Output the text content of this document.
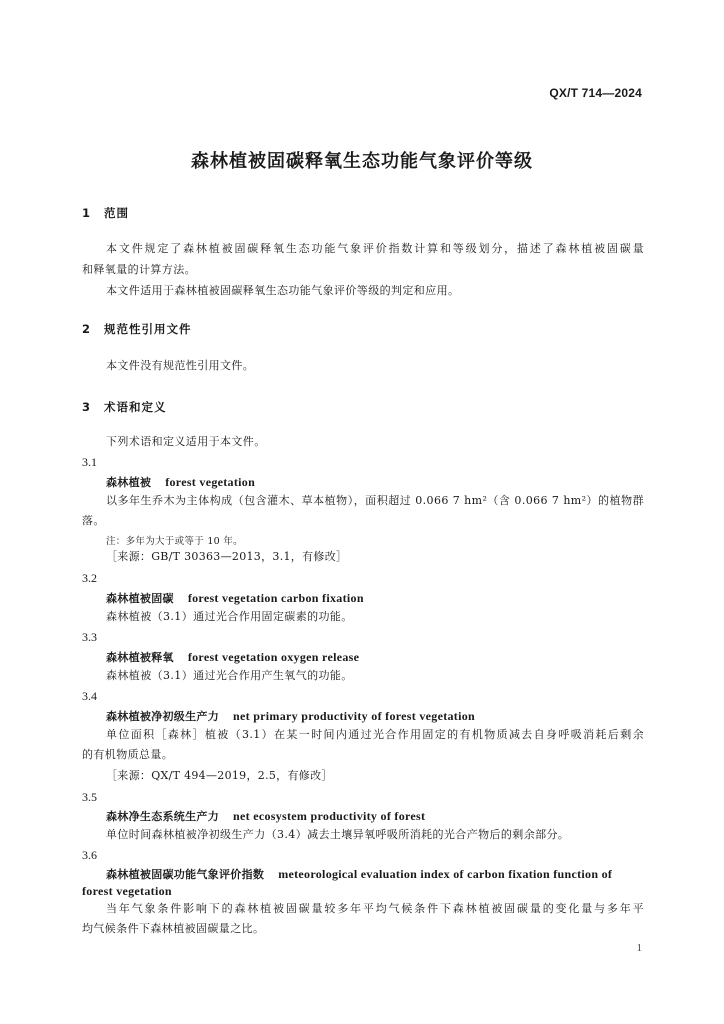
QX/T 714—2024
森林植被固碳释氧生态功能气象评价等级
1 范围
本文件规定了森林植被固碳释氧生态功能气象评价指数计算和等级划分，描述了森林植被固碳量
和释氧量的计算方法。
本文件适用于森林植被固碳释氧生态功能气象评价等级的判定和应用。
2 规范性引用文件
本文件没有规范性引用文件。
3 术语和定义
下列术语和定义适用于本文件。
3.1
森林植被 forest vegetation
以多年生乔木为主体构成（包含灌木、草本植物），面积超过 0.066 7 hm²（含 0.066 7 hm²）的植物群
落。
注：多年为大于或等于 10 年。
［来源：GB/T 30363—2013，3.1，有修改］
3.2
森林植被固碳 forest vegetation carbon fixation
森林植被（3.1）通过光合作用固定碳素的功能。
3.3
森林植被释氧 forest vegetation oxygen release
森林植被（3.1）通过光合作用产生氧气的功能。
3.4
森林植被净初级生产力 net primary productivity of forest vegetation
单位面积［森林］植被（3.1）在某一时间内通过光合作用固定的有机物质减去自身呼吸消耗后剩余
的有机物质总量。
［来源：QX/T 494—2019，2.5，有修改］
3.5
森林净生态系统生产力 net ecosystem productivity of forest
单位时间森林植被净初级生产力（3.4）减去土壤异氧呼吸所消耗的光合产物后的剩余部分。
3.6
森林植被固碳功能气象评价指数 meteorological evaluation index of carbon fixation function of
forest vegetation
当年气象条件影响下的森林植被固碳量较多年平均气候条件下森林植被固碳量的变化量与多年平
均气候条件下森林植被固碳量之比。
1
